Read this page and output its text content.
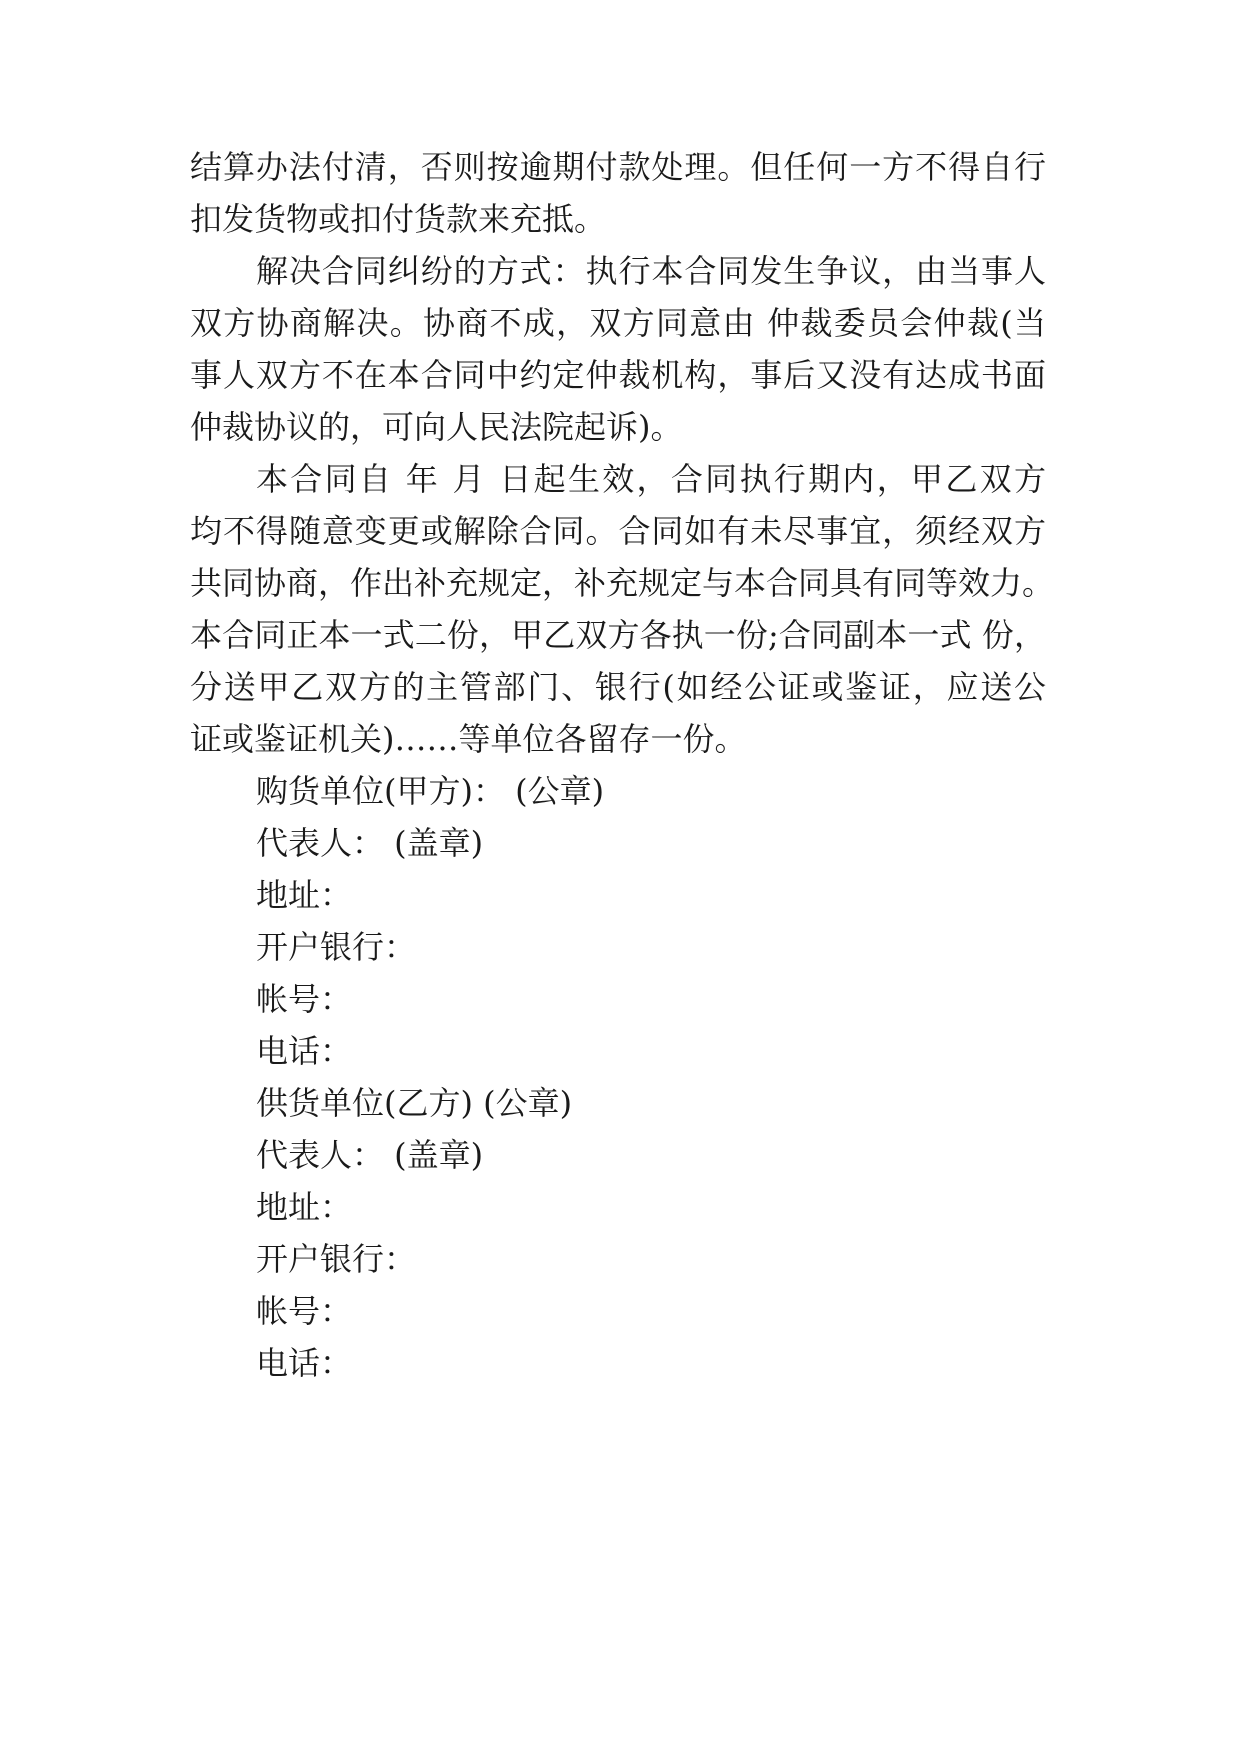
结算办法付清，否则按逾期付款处理。但任何一方不得自行
扣发货物或扣付货款来充抵。
解决合同纠纷的方式：执行本合同发生争议，由当事人
双方协商解决。协商不成，双方同意由 仲裁委员会仲裁(当
事人双方不在本合同中约定仲裁机构，事后又没有达成书面
仲裁协议的，可向人民法院起诉)。
本合同自 年 月 日起生效，合同执行期内，甲乙双方
均不得随意变更或解除合同。合同如有未尽事宜，须经双方
共同协商，作出补充规定，补充规定与本合同具有同等效力。
本合同正本一式二份，甲乙双方各执一份;合同副本一式 份，
分送甲乙双方的主管部门、银行(如经公证或鉴证，应送公
证或鉴证机关)……等单位各留存一份。
购货单位(甲方)： (公章)
代表人： (盖章)
地址：
开户银行：
帐号：
电话：
供货单位(乙方) (公章)
代表人： (盖章)
地址：
开户银行：
帐号：
电话：
